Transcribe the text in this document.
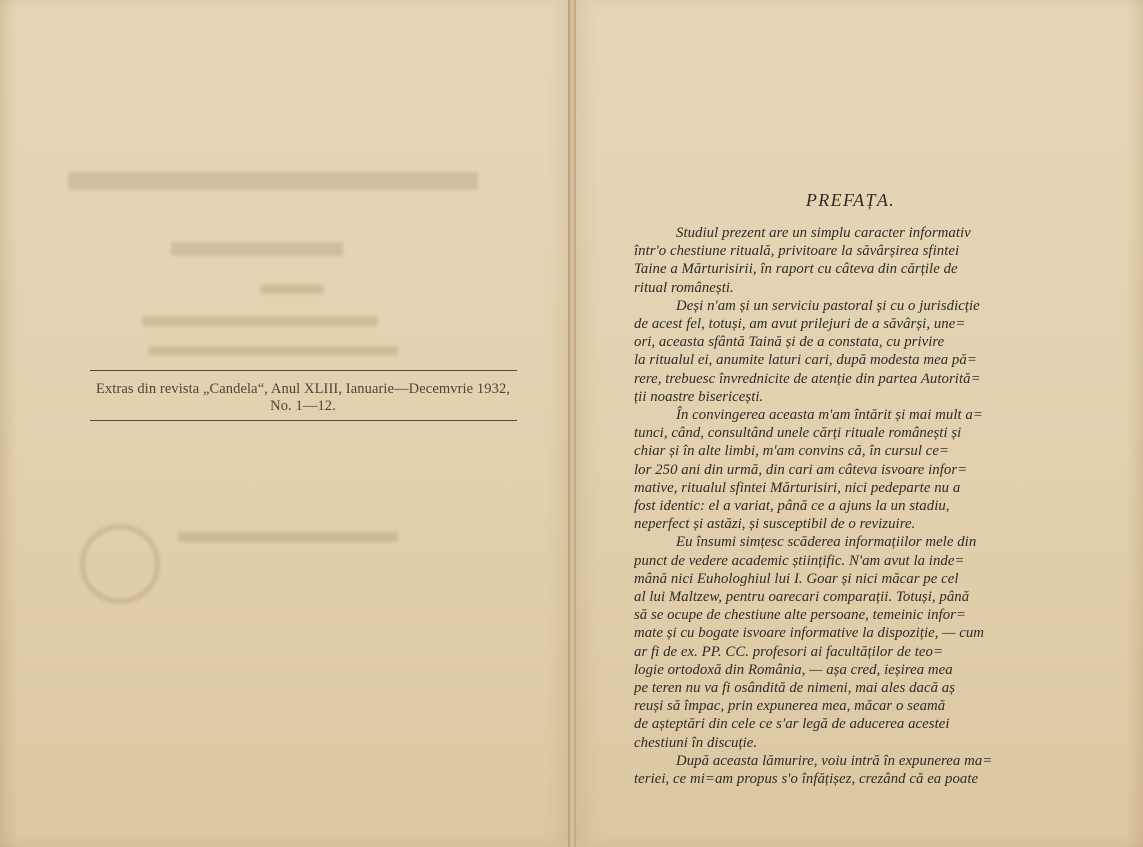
Extras din revista „Candela“, Anul XLIII, Ianuarie—Decemvrie 1932,
No. 1—12.
PREFAȚA.
Studiul prezent are un simplu caracter informativ
într'o chestiune rituală, privitoare la săvârșirea sfintei
Taine a Mărturisirii, în raport cu câteva din cărțile de
ritual românești.
Deși n'am și un serviciu pastoral și cu o jurisdicție
de acest fel, totuși, am avut prilejuri de a săvârși, une=
ori, aceasta sfântă Taină și de a constata, cu privire
la ritualul ei, anumite laturi cari, după modesta mea pă=
rere, trebuesc învrednicite de atenție din partea Autorită=
ții noastre bisericești.
În convingerea aceasta m'am întărit și mai mult a=
tunci, când, consultând unele cărți rituale românești și
chiar și în alte limbi, m'am convins că, în cursul ce=
lor 250 ani din urmă, din cari am câteva isvoare infor=
mative, ritualul sfintei Mărturisiri, nici pedeparte nu a
fost identic: el a variat, până ce a ajuns la un stadiu,
neperfect și astăzi, și susceptibil de o revizuire.
Eu însumi simțesc scăderea informațiilor mele din
punct de vedere academic științific. N'am avut la inde=
mână nici Euhologhiul lui I. Goar și nici măcar pe cel
al lui Maltzew, pentru oarecari comparații. Totuși, până
să se ocupe de chestiune alte persoane, temeinic infor=
mate și cu bogate isvoare informative la dispoziție, — cum
ar fi de ex. PP. CC. profesori ai facultăților de teo=
logie ortodoxă din România, — așa cred, ieșirea mea
pe teren nu va fi osândită de nimeni, mai ales dacă aș
reuși să împac, prin expunerea mea, măcar o seamă
de așteptări din cele ce s'ar legă de aducerea acestei
chestiuni în discuție.
După aceasta lămurire, voiu intră în expunerea ma=
teriei, ce mi=am propus s'o înfățișez, crezând că ea poate
